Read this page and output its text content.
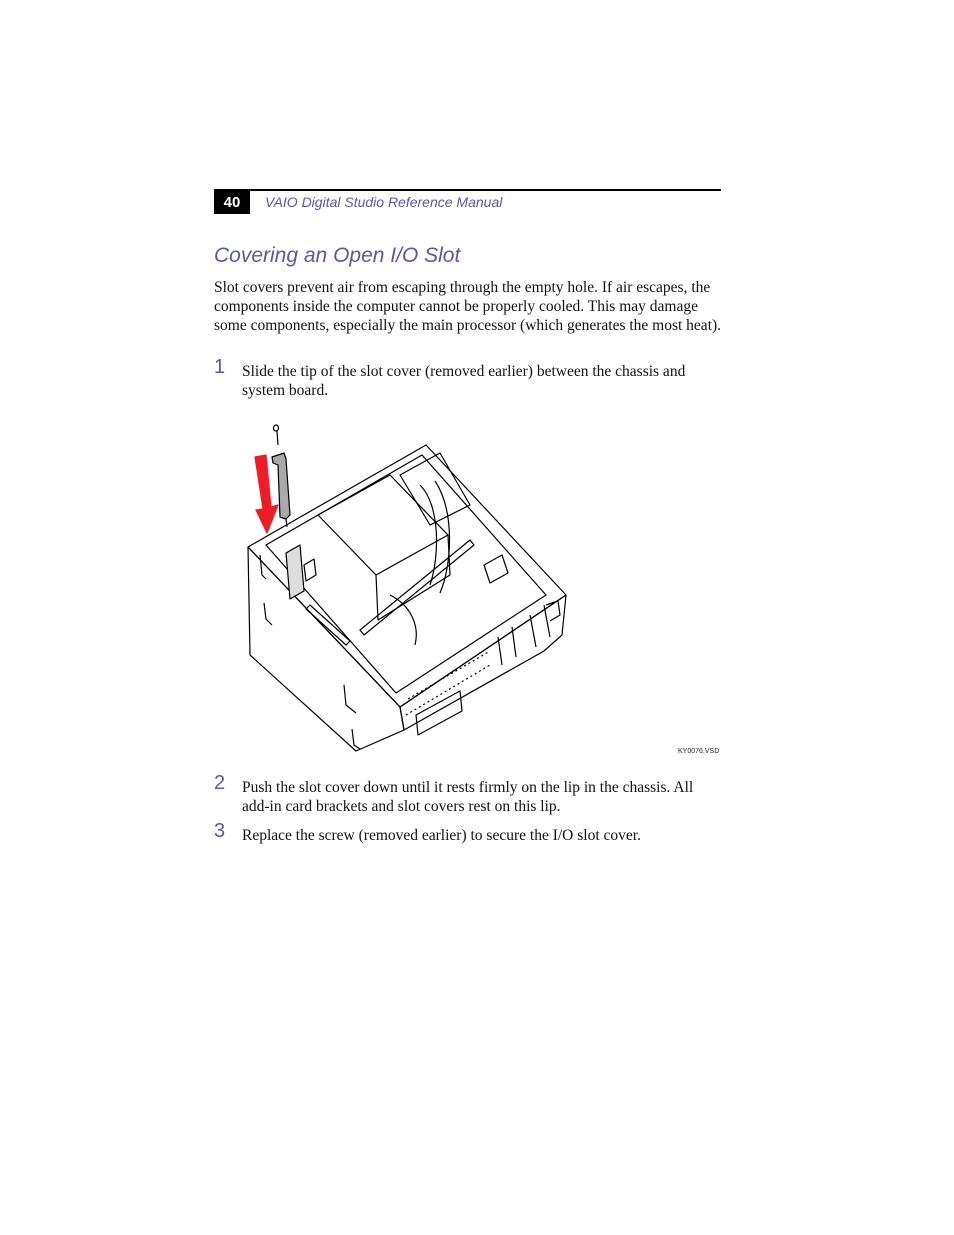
40	VAIO Digital Studio Reference Manual
Covering an Open I/O Slot
Slot covers prevent air from escaping through the empty hole. If air escapes, the components inside the computer cannot be properly cooled. This may damage some components, especially the main processor (which generates the most heat).
1 Slide the tip of the slot cover (removed earlier) between the chassis and system board.
KY0076.VSD
2 Push the slot cover down until it rests firmly on the lip in the chassis. All add-in card brackets and slot covers rest on this lip.
3 Replace the screw (removed earlier) to secure the I/O slot cover.
